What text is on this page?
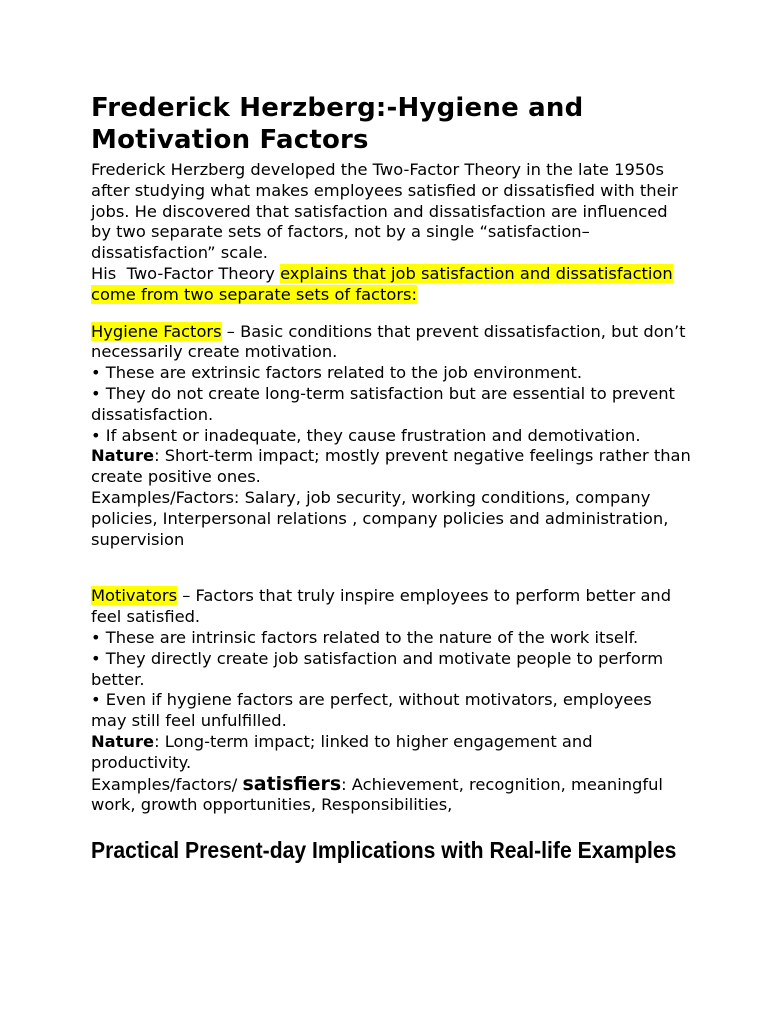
Frederick Herzberg:-Hygiene and Motivation Factors

Frederick Herzberg developed the Two-Factor Theory in the late 1950s after studying what makes employees satisfied or dissatisfied with their jobs. He discovered that satisfaction and dissatisfaction are influenced by two separate sets of factors, not by a single “satisfaction–dissatisfaction” scale.

His  Two-Factor Theory explains that job satisfaction and dissatisfaction come from two separate sets of factors:

Hygiene Factors – Basic conditions that prevent dissatisfaction, but don’t necessarily create motivation.

• These are extrinsic factors related to the job environment.

• They do not create long-term satisfaction but are essential to prevent dissatisfaction.

• If absent or inadequate, they cause frustration and demotivation.

Nature: Short-term impact; mostly prevent negative feelings rather than create positive ones.

Examples/Factors: Salary, job security, working conditions, company policies, Interpersonal relations , company policies and administration, supervision

Motivators – Factors that truly inspire employees to perform better and feel satisfied.

• These are intrinsic factors related to the nature of the work itself.

• They directly create job satisfaction and motivate people to perform better.

• Even if hygiene factors are perfect, without motivators, employees may still feel unfulfilled.

Nature: Long-term impact; linked to higher engagement and productivity.

Examples/factors/ satisfiers: Achievement, recognition, meaningful work, growth opportunities, Responsibilities,

Practical Present-day Implications with Real-life Examples
